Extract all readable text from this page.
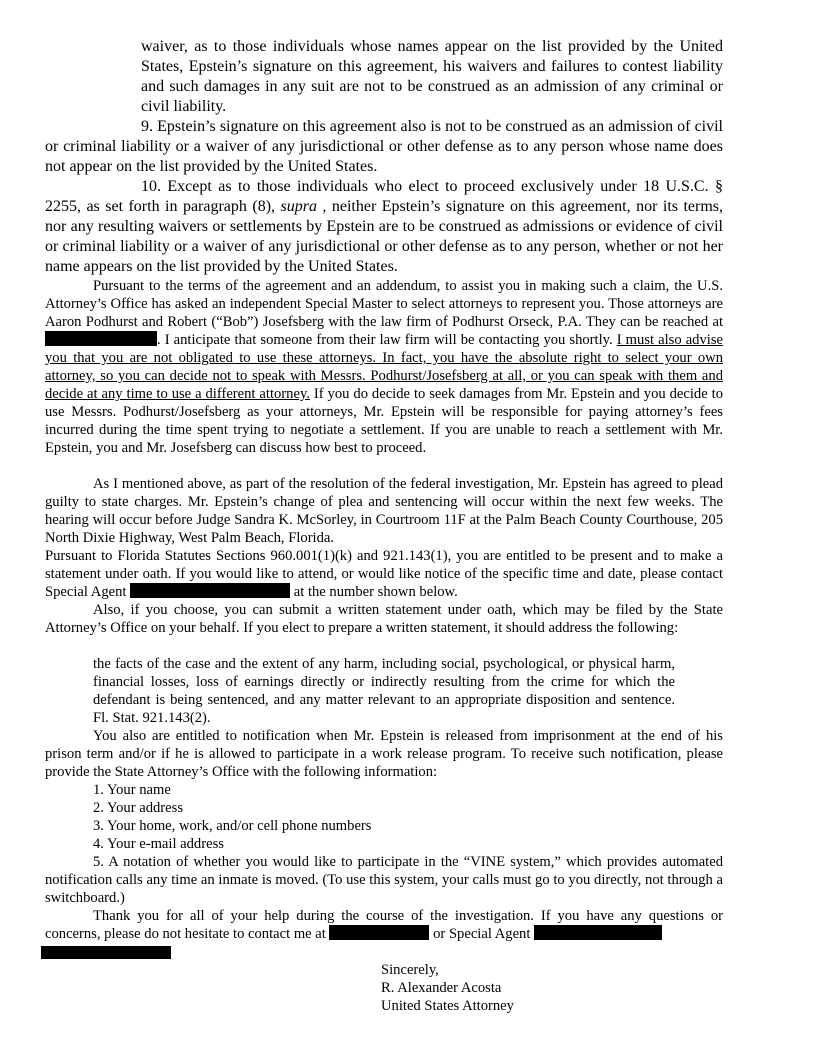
waiver, as to those individuals whose names appear on the list provided by the United States, Epstein’s signature on this agreement, his waivers and failures to contest liability and such damages in any suit are not to be construed as an admission of any criminal or civil liability.
9. Epstein’s signature on this agreement also is not to be construed as an admission of civil or criminal liability or a waiver of any jurisdictional or other defense as to any person whose name does not appear on the list provided by the United States.
10. Except as to those individuals who elect to proceed exclusively under 18 U.S.C. § 2255, as set forth in paragraph (8), supra , neither Epstein’s signature on this agreement, nor its terms, nor any resulting waivers or settlements by Epstein are to be construed as admissions or evidence of civil or criminal liability or a waiver of any jurisdictional or other defense as to any person, whether or not her name appears on the list provided by the United States.
Pursuant to the terms of the agreement and an addendum, to assist you in making such a claim, the U.S. Attorney’s Office has asked an independent Special Master to select attorneys to represent you. Those attorneys are Aaron Podhurst and Robert (“Bob”) Josefsberg with the law firm of Podhurst Orseck, P.A. They can be reached at . I anticipate that someone from their law firm will be contacting you shortly. I must also advise you that you are not obligated to use these attorneys. In fact, you have the absolute right to select your own attorney, so you can decide not to speak with Messrs. Podhurst/Josefsberg at all, or you can speak with them and decide at any time to use a different attorney. If you do decide to seek damages from Mr. Epstein and you decide to use Messrs. Podhurst/Josefsberg as your attorneys, Mr. Epstein will be responsible for paying attorney’s fees incurred during the time spent trying to negotiate a settlement. If you are unable to reach a settlement with Mr. Epstein, you and Mr. Josefsberg can discuss how best to proceed.
As I mentioned above, as part of the resolution of the federal investigation, Mr. Epstein has agreed to plead guilty to state charges. Mr. Epstein’s change of plea and sentencing will occur within the next few weeks. The hearing will occur before Judge Sandra K. McSorley, in Courtroom 11F at the Palm Beach County Courthouse, 205 North Dixie Highway, West Palm Beach, Florida.
Pursuant to Florida Statutes Sections 960.001(1)(k) and 921.143(1), you are entitled to be present and to make a statement under oath. If you would like to attend, or would like notice of the specific time and date, please contact Special Agent	at the number shown below.
Also, if you choose, you can submit a written statement under oath, which may be filed by the State Attorney’s Office on your behalf. If you elect to prepare a written statement, it should address the following:
the facts of the case and the extent of any harm, including social, psychological, or physical harm, financial losses, loss of earnings directly or indirectly resulting from the crime for which the defendant is being sentenced, and any matter relevant to an appropriate disposition and sentence. Fl. Stat. 921.143(2).
You also are entitled to notification when Mr. Epstein is released from imprisonment at the end of his prison term and/or if he is allowed to participate in a work release program. To receive such notification, please provide the State Attorney’s Office with the following information:
1. Your name
2. Your address
3. Your home, work, and/or cell phone numbers
4. Your e-mail address
5. A notation of whether you would like to participate in the “VINE system,” which provides automated notification calls any time an inmate is moved. (To use this system, your calls must go to you directly, not through a switchboard.)
Thank you for all of your help during the course of the investigation. If you have any questions or concerns, please do not hesitate to contact me at	or Special Agent
Sincerely,
R. Alexander Acosta
United States Attorney
